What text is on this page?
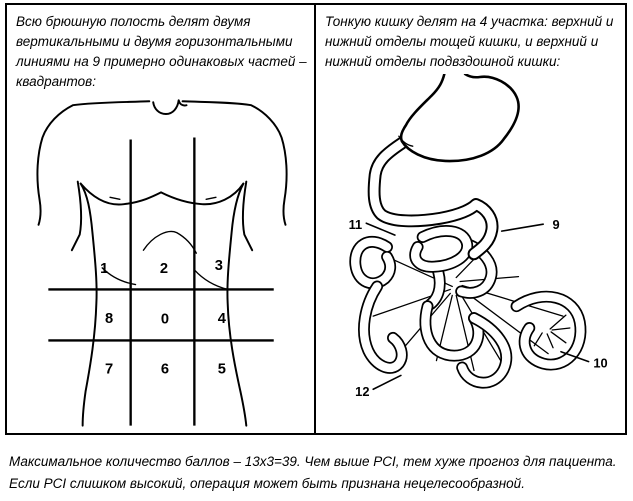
Всю брюшную полость делят двумя
вертикальными и двумя горизонтальными
линиями на 9 примерно одинаковых частей –
квадрантов:
1	2	3
8	0	4
7	6	5
Тонкую кишку делят на 4 участка: верхний и
нижний отделы тощей кишки, и верхний и
нижний отделы подвздошной кишки:
9
10
11
12
Максимальное количество баллов – 13х3=39. Чем выше PCI, тем хуже прогноз для пациента.
Если PCI слишком высокий, операция может быть признана нецелесообразной.
